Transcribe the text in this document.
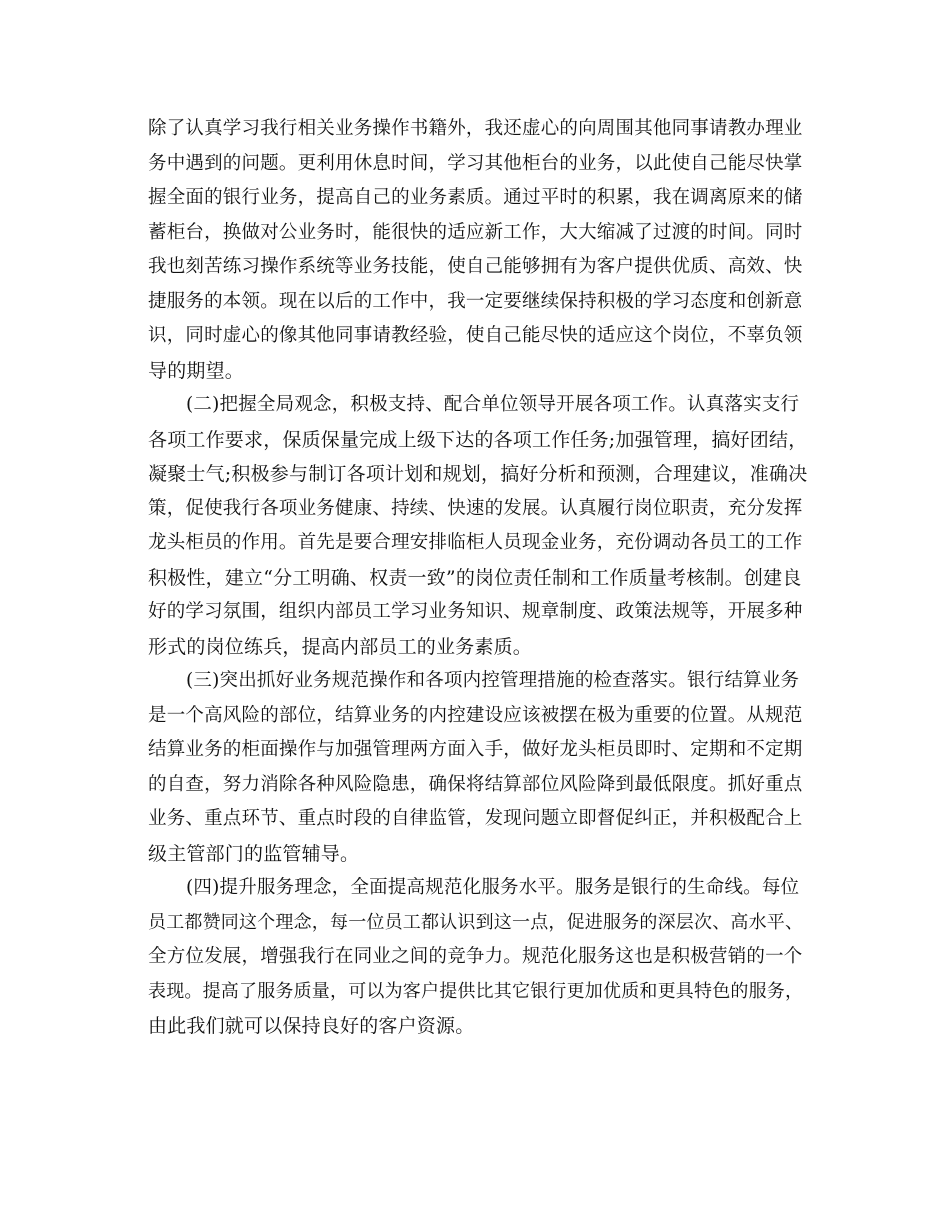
除了认真学习我行相关业务操作书籍外，我还虚心的向周围其他同事请教办理业
务中遇到的问题。更利用休息时间，学习其他柜台的业务，以此使自己能尽快掌
握全面的银行业务，提高自己的业务素质。通过平时的积累，我在调离原来的储
蓄柜台，换做对公业务时，能很快的适应新工作，大大缩减了过渡的时间。同时
我也刻苦练习操作系统等业务技能，使自己能够拥有为客户提供优质、高效、快
捷服务的本领。现在以后的工作中，我一定要继续保持积极的学习态度和创新意
识，同时虚心的像其他同事请教经验，使自己能尽快的适应这个岗位，不辜负领
导的期望。
(二)把握全局观念，积极支持、配合单位领导开展各项工作。认真落实支行
各项工作要求，保质保量完成上级下达的各项工作任务;加强管理，搞好团结，
凝聚士气;积极参与制订各项计划和规划，搞好分析和预测，合理建议，准确决
策，促使我行各项业务健康、持续、快速的发展。认真履行岗位职责，充分发挥
龙头柜员的作用。首先是要合理安排临柜人员现金业务，充份调动各员工的工作
积极性，建立“分工明确、权责一致”的岗位责任制和工作质量考核制。创建良
好的学习氛围，组织内部员工学习业务知识、规章制度、政策法规等，开展多种
形式的岗位练兵，提高内部员工的业务素质。
(三)突出抓好业务规范操作和各项内控管理措施的检查落实。银行结算业务
是一个高风险的部位，结算业务的内控建设应该被摆在极为重要的位置。从规范
结算业务的柜面操作与加强管理两方面入手，做好龙头柜员即时、定期和不定期
的自查，努力消除各种风险隐患，确保将结算部位风险降到最低限度。抓好重点
业务、重点环节、重点时段的自律监管，发现问题立即督促纠正，并积极配合上
级主管部门的监管辅导。
(四)提升服务理念，全面提高规范化服务水平。服务是银行的生命线。每位
员工都赞同这个理念，每一位员工都认识到这一点，促进服务的深层次、高水平、
全方位发展，增强我行在同业之间的竞争力。规范化服务这也是积极营销的一个
表现。提高了服务质量，可以为客户提供比其它银行更加优质和更具特色的服务，
由此我们就可以保持良好的客户资源。
